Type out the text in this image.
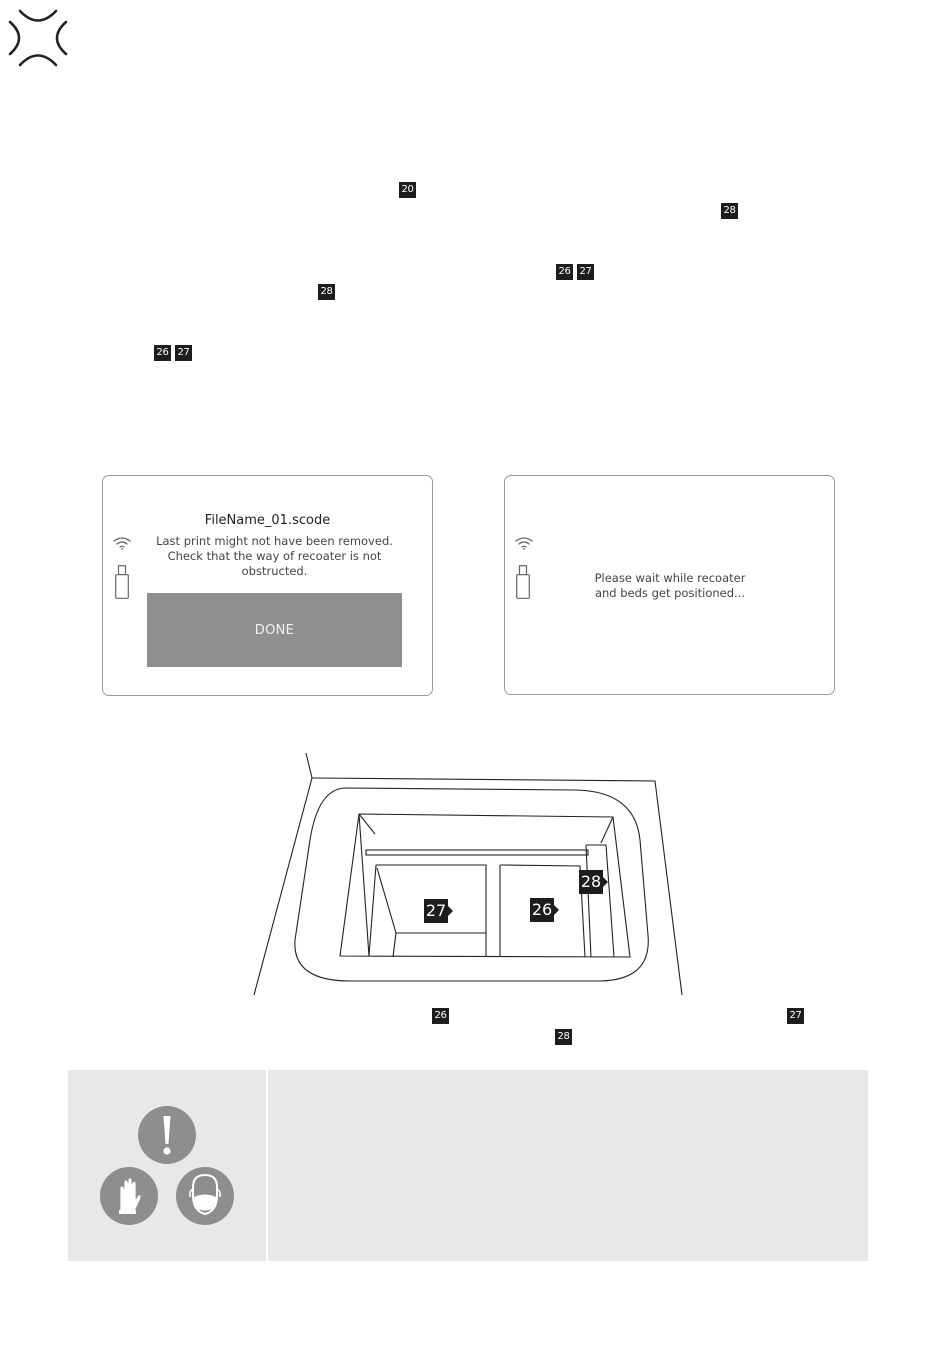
20
28
26 27
28
26 27
FileName_01.scode
Last print might not have been removed.
Check that the way of recoater is not
obstructed.
DONE
Please wait while recoater
and beds get positioned...
27	26
28
26	27
28
